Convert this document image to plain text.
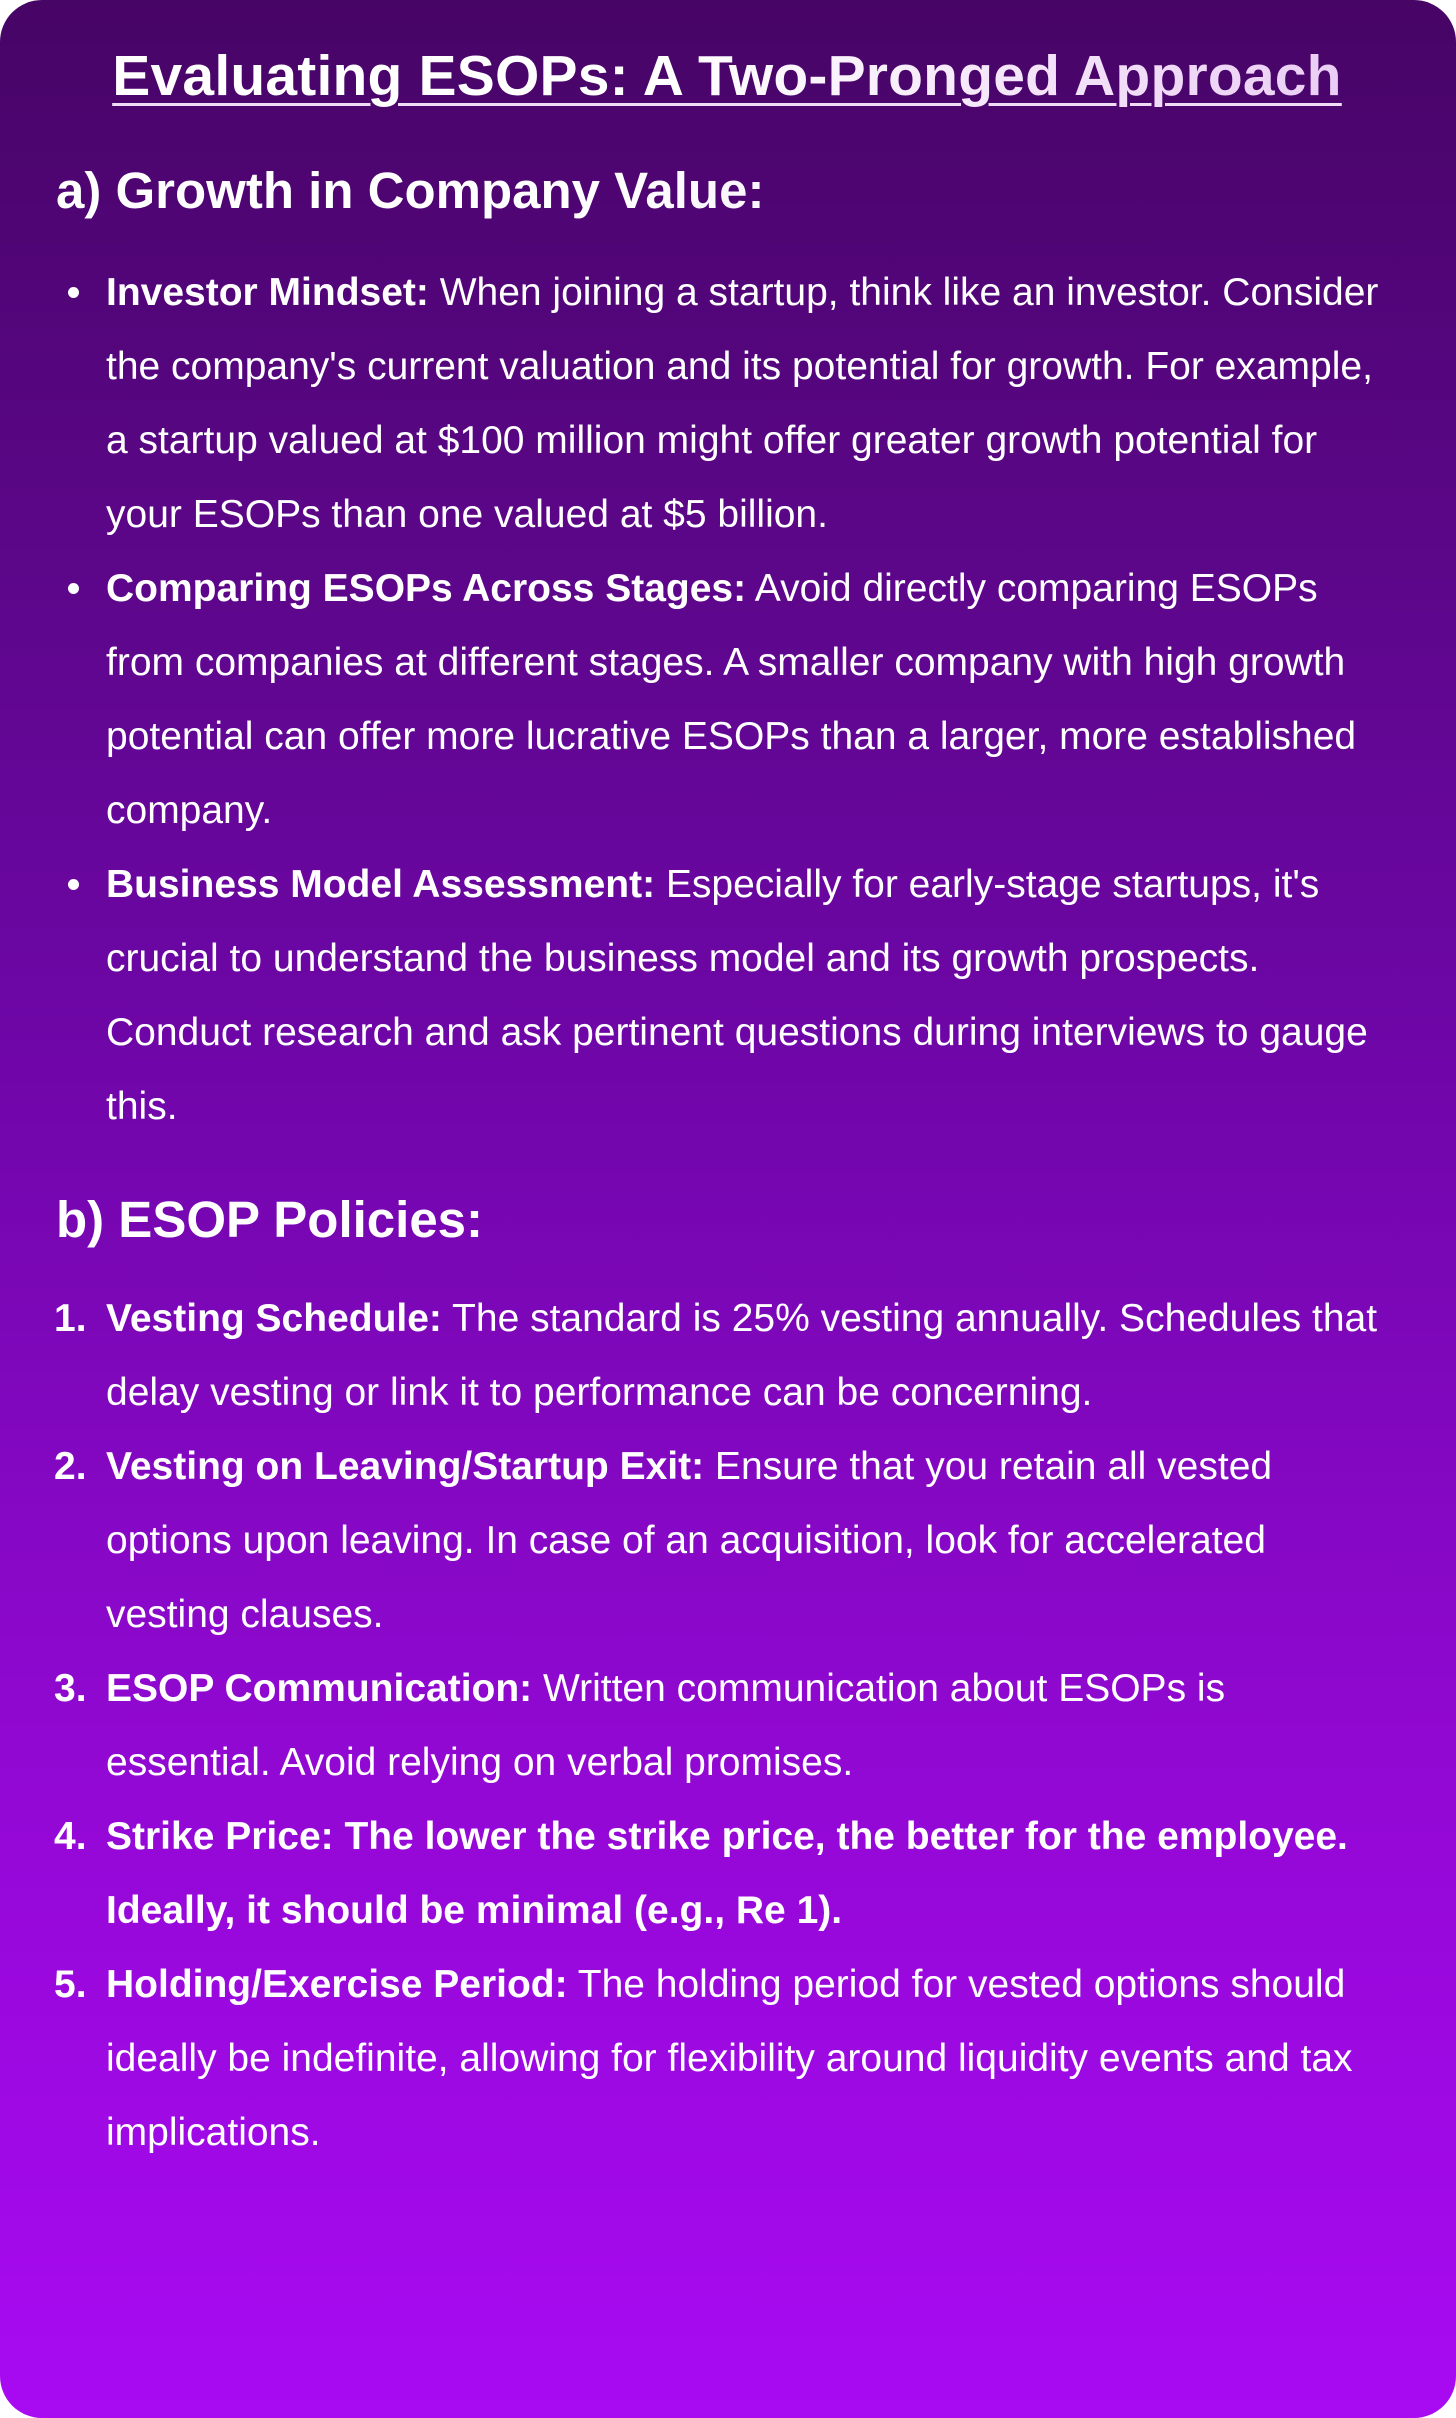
Evaluating ESOPs: A Two-Pronged Approach
a) Growth in Company Value:
Investor Mindset: When joining a startup, think like an investor. Consider the company's current valuation and its potential for growth. For example, a startup valued at $100 million might offer greater growth potential for your ESOPs than one valued at $5 billion.
Comparing ESOPs Across Stages: Avoid directly comparing ESOPs from companies at different stages. A smaller company with high growth potential can offer more lucrative ESOPs than a larger, more established company.
Business Model Assessment: Especially for early-stage startups, it's crucial to understand the business model and its growth prospects. Conduct research and ask pertinent questions during interviews to gauge this.
b) ESOP Policies:
1. Vesting Schedule: The standard is 25% vesting annually. Schedules that delay vesting or link it to performance can be concerning.
2. Vesting on Leaving/Startup Exit: Ensure that you retain all vested options upon leaving. In case of an acquisition, look for accelerated vesting clauses.
3. ESOP Communication: Written communication about ESOPs is essential. Avoid relying on verbal promises.
4. Strike Price: The lower the strike price, the better for the employee. Ideally, it should be minimal (e.g., Re 1).
5. Holding/Exercise Period: The holding period for vested options should ideally be indefinite, allowing for flexibility around liquidity events and tax implications.
